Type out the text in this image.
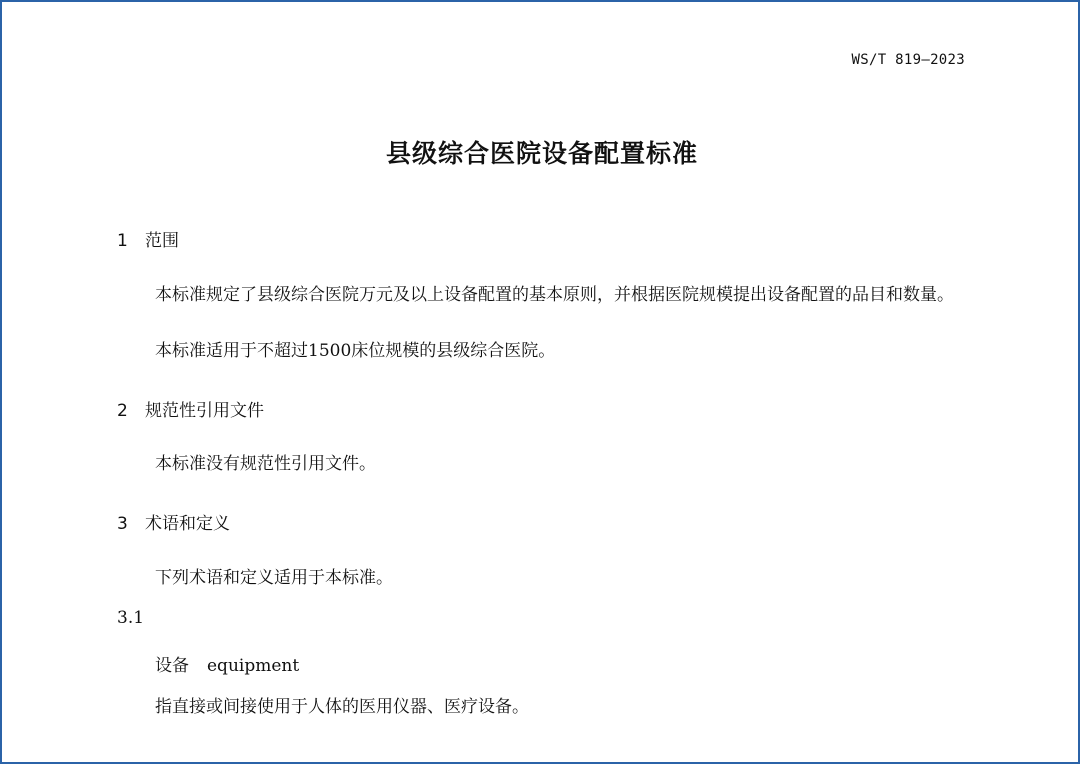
WS/T 819—2023
县级综合医院设备配置标准
1 范围
本标准规定了县级综合医院万元及以上设备配置的基本原则，并根据医院规模提出设备配置的品目和数量。
本标准适用于不超过1500床位规模的县级综合医院。
2 规范性引用文件
本标准没有规范性引用文件。
3 术语和定义
下列术语和定义适用于本标准。
3.1
设备 equipment
指直接或间接使用于人体的医用仪器、医疗设备。
